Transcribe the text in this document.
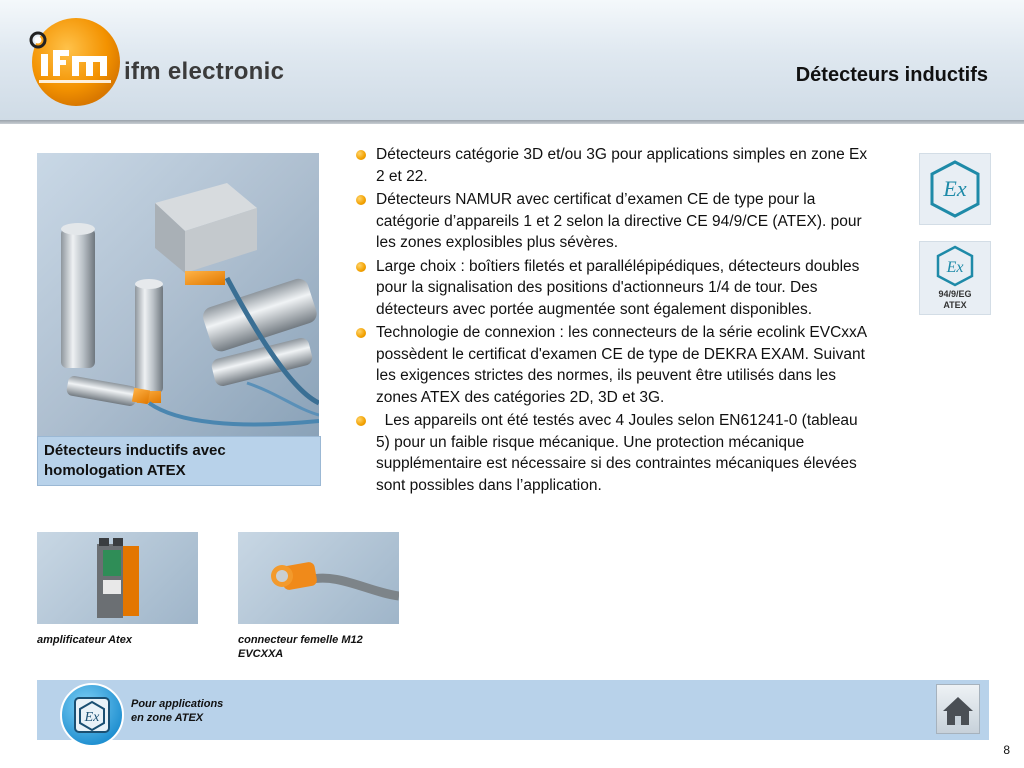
ifm electronic	Détecteurs inductifs
Détecteurs inductifs avec
homologation ATEX
Détecteurs catégorie 3D et/ou 3G pour applications simples en zone Ex 2 et 22.
Détecteurs NAMUR avec certificat d’examen CE de type pour la catégorie d’appareils 1 et 2 selon la directive CE 94/9/CE (ATEX). pour les zones explosibles plus sévères.
Large choix : boîtiers filetés et parallélépipédiques, détecteurs doubles pour la signalisation des positions d'actionneurs 1/4 de tour. Des détecteurs avec portée augmentée sont également disponibles.
Technologie de connexion : les connecteurs de la série ecolink EVCxxA possèdent le certificat d'examen CE de type de DEKRA EXAM. Suivant les exigences strictes des normes, ils peuvent être utilisés dans les zones ATEX des catégories 2D, 3D et 3G.
Les appareils ont été testés avec 4 Joules selon EN61241-0 (tableau 5) pour un faible risque mécanique. Une protection mécanique supplémentaire est nécessaire si des contraintes mécaniques élevées sont possibles dans l’application.
Ex
Ex
94/9/EG
ATEX
amplificateur Atex	connecteur femelle M12
EVCXXA
Ex
Pour applications
en zone ATEX
8
